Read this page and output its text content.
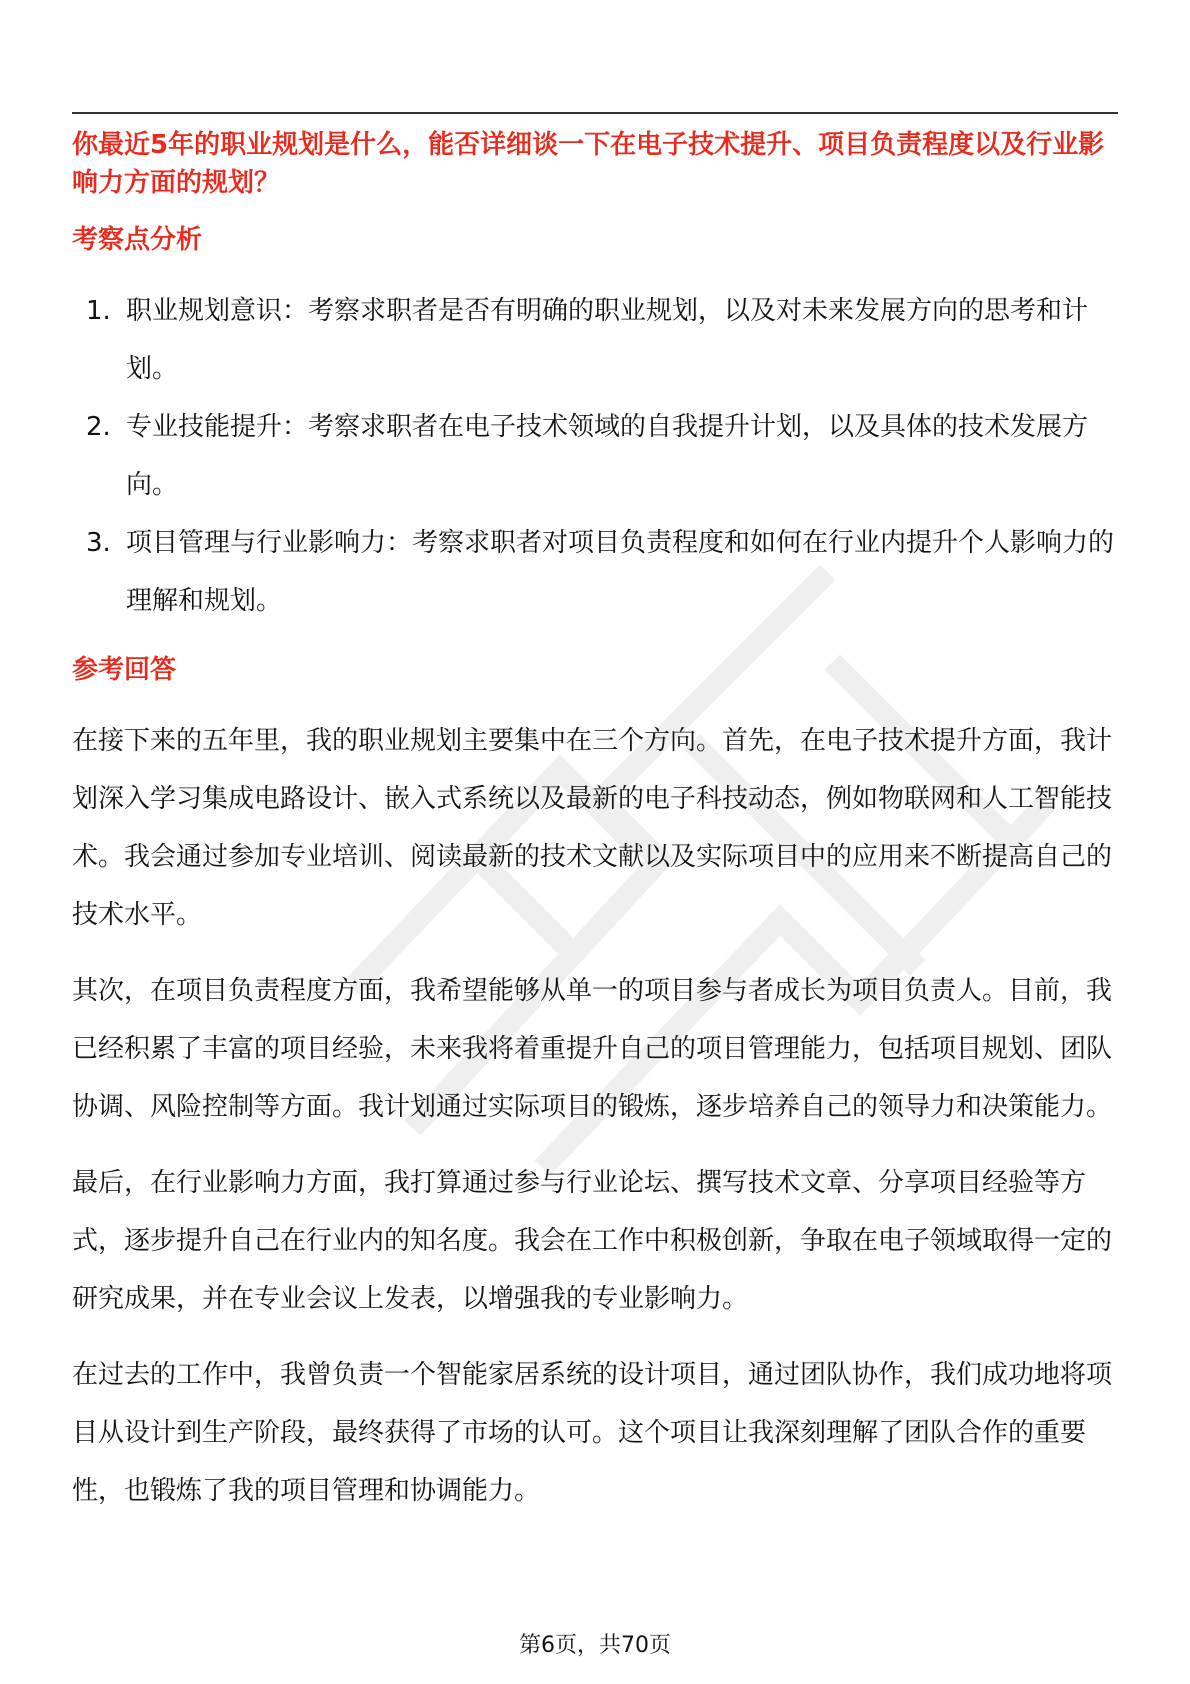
你最近5年的职业规划是什么，能否详细谈一下在电子技术提升、项目负责程度以及行业影响力方面的规划？
考察点分析
1. 职业规划意识：考察求职者是否有明确的职业规划，以及对未来发展方向的思考和计划。
2. 专业技能提升：考察求职者在电子技术领域的自我提升计划，以及具体的技术发展方向。
3. 项目管理与行业影响力：考察求职者对项目负责程度和如何在行业内提升个人影响力的理解和规划。
参考回答

在接下来的五年里，我的职业规划主要集中在三个方向。首先，在电子技术提升方面，我计划深入学习集成电路设计、嵌入式系统以及最新的电子科技动态，例如物联网和人工智能技术。我会通过参加专业培训、阅读最新的技术文献以及实际项目中的应用来不断提高自己的技术水平。

其次，在项目负责程度方面，我希望能够从单一的项目参与者成长为项目负责人。目前，我已经积累了丰富的项目经验，未来我将着重提升自己的项目管理能力，包括项目规划、团队协调、风险控制等方面。我计划通过实际项目的锻炼，逐步培养自己的领导力和决策能力。

最后，在行业影响力方面，我打算通过参与行业论坛、撰写技术文章、分享项目经验等方式，逐步提升自己在行业内的知名度。我会在工作中积极创新，争取在电子领域取得一定的研究成果，并在专业会议上发表，以增强我的专业影响力。

在过去的工作中，我曾负责一个智能家居系统的设计项目，通过团队协作，我们成功地将项目从设计到生产阶段，最终获得了市场的认可。这个项目让我深刻理解了团队合作的重要性，也锻炼了我的项目管理和协调能力。

第6页，共70页
